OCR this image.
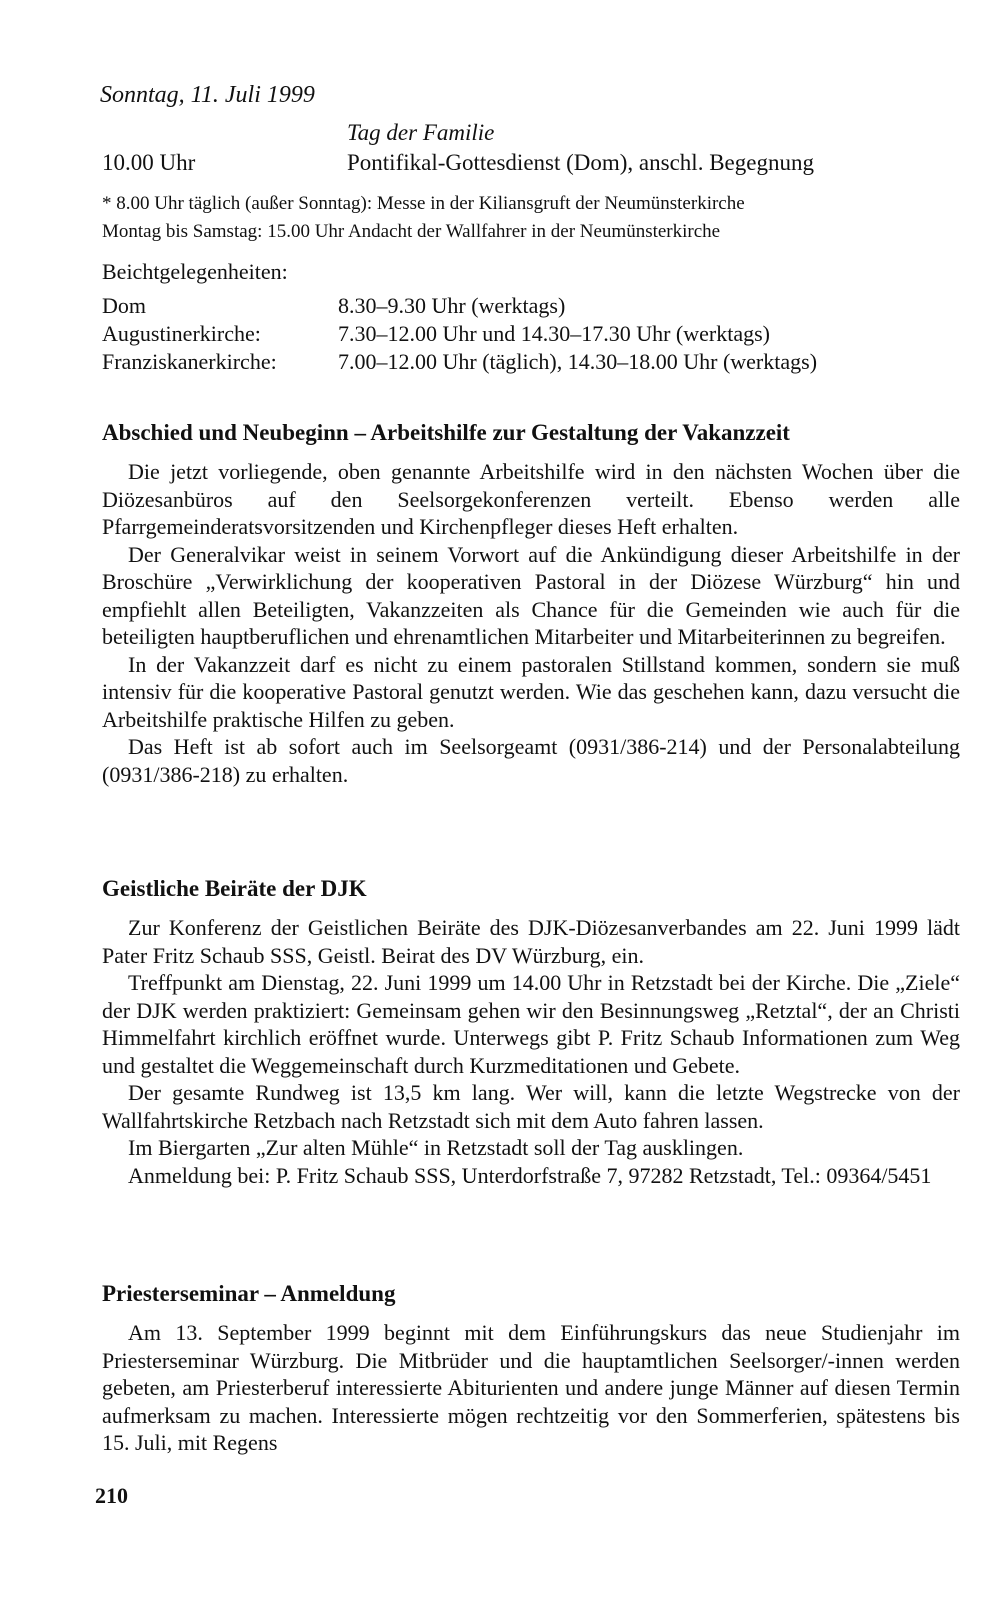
Sonntag, 11. Juli 1999
Tag der Familie
10.00 Uhr	Pontifikal-Gottesdienst (Dom), anschl. Begegnung
* 8.00 Uhr täglich (außer Sonntag): Messe in der Kiliansgruft der Neumünsterkirche
Montag bis Samstag: 15.00 Uhr Andacht der Wallfahrer in der Neumünsterkirche
Beichtgelegenheiten:
Dom	8.30–9.30 Uhr (werktags)
Augustinerkirche:	7.30–12.00 Uhr und 14.30–17.30 Uhr (werktags)
Franziskanerkirche:	7.00–12.00 Uhr (täglich), 14.30–18.00 Uhr (werktags)
Abschied und Neubeginn – Arbeitshilfe zur Gestaltung der Vakanzzeit

Die jetzt vorliegende, oben genannte Arbeitshilfe wird in den nächsten Wochen über die Diözesanbüros auf den Seelsorgekonferenzen verteilt. Ebenso werden alle Pfarrgemeinderatsvorsitzenden und Kirchenpfleger dieses Heft erhalten.

Der Generalvikar weist in seinem Vorwort auf die Ankündigung dieser Arbeitshilfe in der Broschüre „Verwirklichung der kooperativen Pastoral in der Diözese Würzburg“ hin und empfiehlt allen Beteiligten, Vakanzzeiten als Chance für die Gemeinden wie auch für die beteiligten hauptberuflichen und ehrenamtlichen Mitarbeiter und Mitarbeiterinnen zu begreifen.

In der Vakanzzeit darf es nicht zu einem pastoralen Stillstand kommen, sondern sie muß intensiv für die kooperative Pastoral genutzt werden. Wie das geschehen kann, dazu versucht die Arbeitshilfe praktische Hilfen zu geben.

Das Heft ist ab sofort auch im Seelsorgeamt (0931/386-214) und der Personalabteilung (0931/386-218) zu erhalten.

Geistliche Beiräte der DJK

Zur Konferenz der Geistlichen Beiräte des DJK-Diözesanverbandes am 22. Juni 1999 lädt Pater Fritz Schaub SSS, Geistl. Beirat des DV Würzburg, ein.

Treffpunkt am Dienstag, 22. Juni 1999 um 14.00 Uhr in Retzstadt bei der Kirche. Die „Ziele“ der DJK werden praktiziert: Gemeinsam gehen wir den Besinnungsweg „Retztal“, der an Christi Himmelfahrt kirchlich eröffnet wurde. Unterwegs gibt P. Fritz Schaub Informationen zum Weg und gestaltet die Weggemeinschaft durch Kurzmeditationen und Gebete.

Der gesamte Rundweg ist 13,5 km lang. Wer will, kann die letzte Wegstrecke von der Wallfahrtskirche Retzbach nach Retzstadt sich mit dem Auto fahren lassen.

Im Biergarten „Zur alten Mühle“ in Retzstadt soll der Tag ausklingen.

Anmeldung bei: P. Fritz Schaub SSS, Unterdorfstraße 7, 97282 Retzstadt, Tel.: 09364/5451

Priesterseminar – Anmeldung

Am 13. September 1999 beginnt mit dem Einführungskurs das neue Studienjahr im Priesterseminar Würzburg. Die Mitbrüder und die hauptamtlichen Seelsorger/-innen werden gebeten, am Priesterberuf interessierte Abiturienten und andere junge Männer auf diesen Termin aufmerksam zu machen. Interessierte mögen rechtzeitig vor den Sommerferien, spätestens bis 15. Juli, mit Regens

210
